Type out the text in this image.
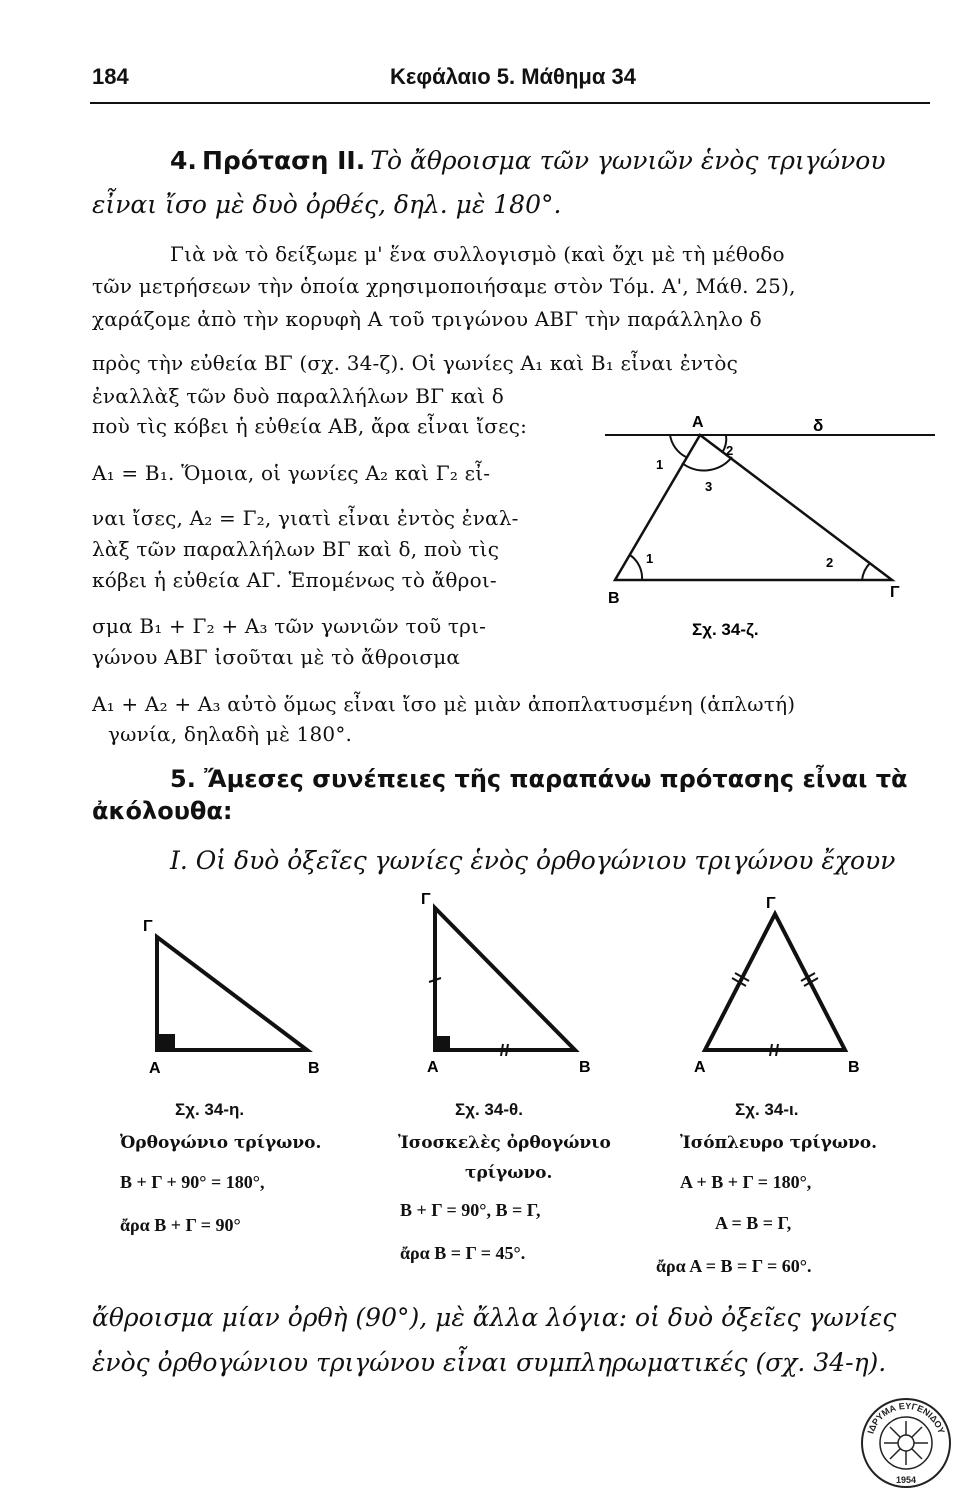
184	Κεφάλαιο 5. Μάθημα 34
4. Πρόταση II. Τὸ ἄθροισμα τῶν γωνιῶν ἑνὸς τριγώνου
εἶναι ἴσο μὲ δυὸ ὀρθές, δηλ. μὲ 180°.
Γιὰ νὰ τὸ δείξωμε μ' ἕνα συλλογισμὸ (καὶ ὄχι μὲ τὴ μέθοδο
τῶν μετρήσεων τὴν ὁποία χρησιμοποιήσαμε στὸν Τόμ. Α', Μάθ. 25),
χαράζομε ἀπὸ τὴν κορυφὴ Α τοῦ τριγώνου ΑΒΓ τὴν παράλληλο δ
πρὸς τὴν εὐθεία ΒΓ (σχ. 34-ζ). Οἱ γωνίες Α₁ καὶ Β₁ εἶναι ἐντὸς
ἐναλλὰξ τῶν δυὸ παραλλήλων ΒΓ καὶ δ
ποὺ τὶς κόβει ἡ εὐθεία ΑΒ, ἄρα εἶναι ἴσες:
Α₁ = Β₁. Ὅμοια, οἱ γωνίες Α₂ καὶ Γ₂ εἶ-
ναι ἴσες, Α₂ = Γ₂, γιατὶ εἶναι ἐντὸς ἐναλ-
λὰξ τῶν παραλλήλων ΒΓ καὶ δ, ποὺ τὶς
κόβει ἡ εὐθεία ΑΓ. Ἑπομένως τὸ ἄθροι-
σμα Β₁ + Γ₂ + Α₃ τῶν γωνιῶν τοῦ τρι-
γώνου ΑΒΓ ἰσοῦται μὲ τὸ ἄθροισμα
Α₁ + Α₂ + Α₃ αὐτὸ ὅμως εἶναι ἴσο μὲ μιὰν ἀποπλατυσμένη (ἁπλωτή)
γωνία, δηλαδὴ μὲ 180°.
Α	δ
1
2
3
1	2
Β	Γ
Σχ. 34-ζ.
5. Ἄμεσες συνέπειες τῆς παραπάνω πρότασης εἶναι τὰ
ἀκόλουθα:
Ι. Οἱ δυὸ ὀξεῖες γωνίες ἑνὸς ὀρθογώνιου τριγώνου ἔχουν
Γ
Α	Β
Γ
Α	Β
Γ
Α	Β
Σχ. 34-η.
Ὀρθογώνιο τρίγωνο.
Β + Γ + 90° = 180°,
ἄρα Β + Γ = 90°
Σχ. 34-θ.
Ἰσοσκελὲς ὀρθογώνιο
τρίγωνο.
Β + Γ = 90°, Β = Γ,
ἄρα Β = Γ = 45°.
Σχ. 34-ι.
Ἰσόπλευρο τρίγωνο.
Α + Β + Γ = 180°,
Α = Β = Γ,
ἄρα Α = Β = Γ = 60°.
ἄθροισμα μίαν ὀρθὴ (90°), μὲ ἄλλα λόγια: οἱ δυὸ ὀξεῖες γωνίες
ἑνὸς ὀρθογώνιου τριγώνου εἶναι συμπληρωματικές (σχ. 34-η).
ΙΔΡΥΜΑ ΕΥΓΕΝΙΔΟΥ
1954
